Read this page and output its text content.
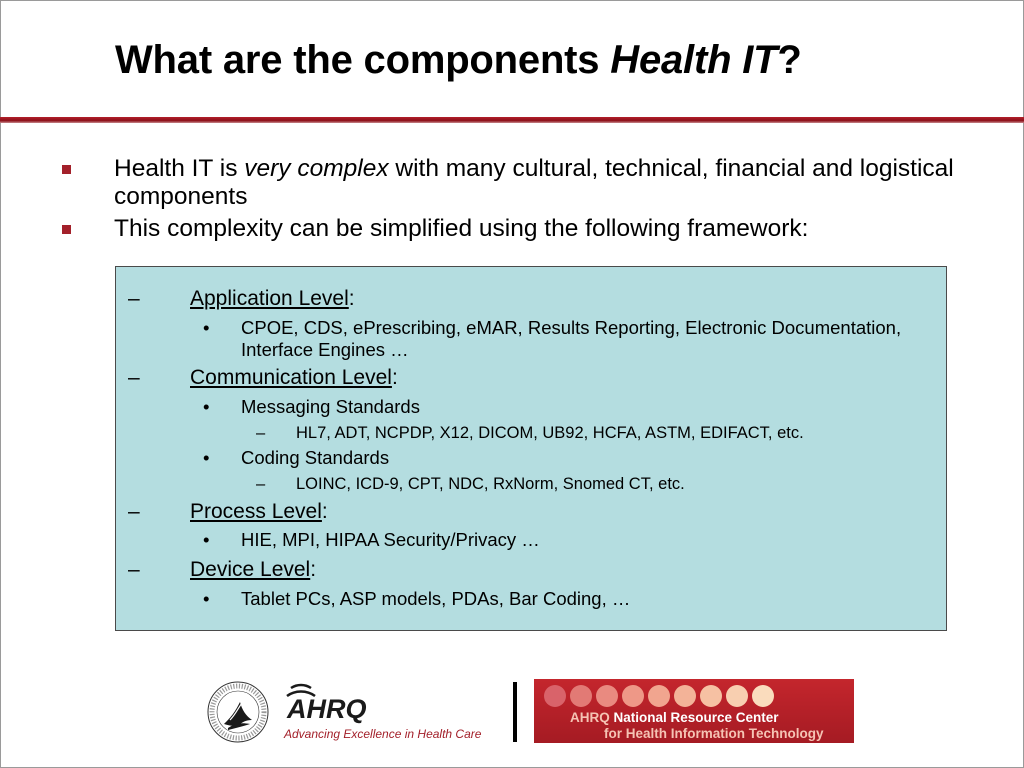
What are the components Health IT?
Health IT is very complex with many cultural, technical, financial and logistical components
This complexity can be simplified using the following framework:
– Application Level:
•	CPOE, CDS, ePrescribing, eMAR, Results Reporting, Electronic Documentation, Interface Engines …
– Communication Level:
•	Messaging Standards
– HL7, ADT, NCPDP, X12, DICOM, UB92, HCFA, ASTM, EDIFACT, etc.
•	Coding Standards
– LOINC, ICD-9, CPT, NDC, RxNorm, Snomed CT, etc.
– Process Level:
•	HIE, MPI, HIPAA Security/Privacy …
– Device Level:
•	Tablet PCs, ASP models, PDAs, Bar Coding, …
AHRQ
Advancing Excellence in Health Care
AHRQ National Resource Center
for Health Information Technology
